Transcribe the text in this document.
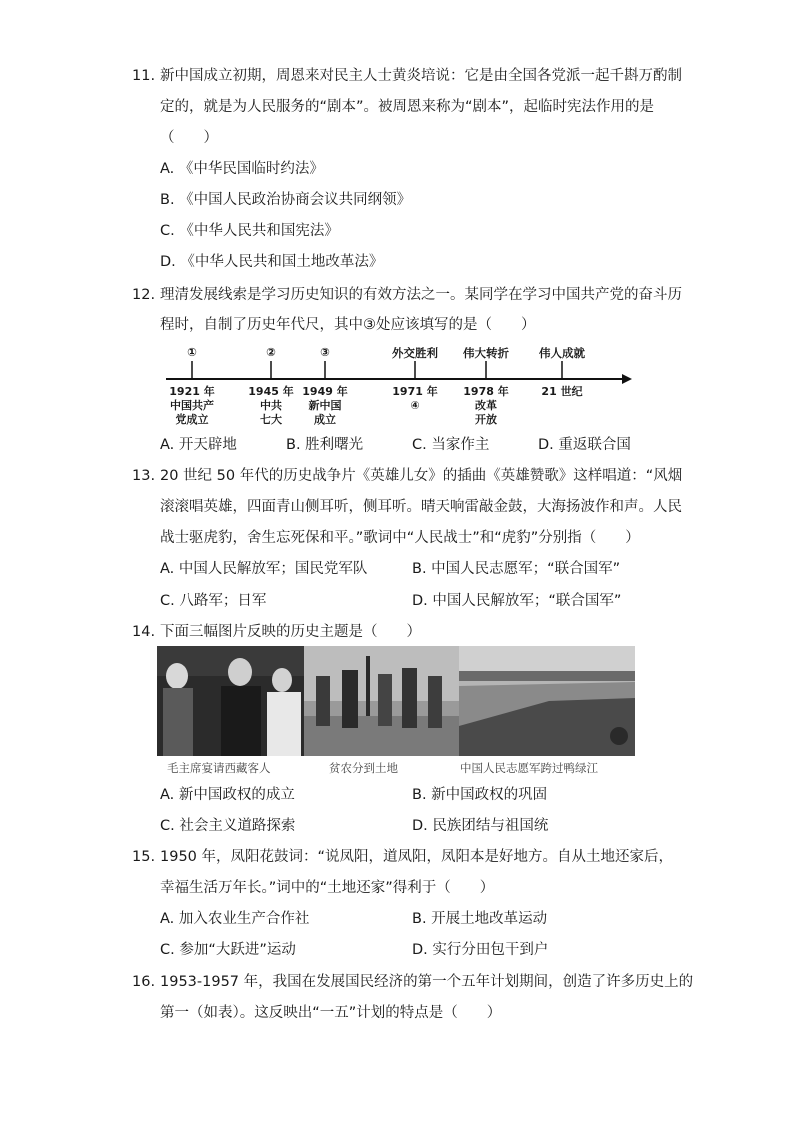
11. 新中国成立初期，周恩来对民主人士黄炎培说：它是由全国各党派一起千斟万酌制
定的，就是为人民服务的“剧本”。被周恩来称为“剧本”，起临时宪法作用的是
（　　）
A. 《中华民国临时约法》
B. 《中国人民政治协商会议共同纲领》
C. 《中华人民共和国宪法》
D. 《中华人民共和国土地改革法》
12. 理清发展线索是学习历史知识的有效方法之一。某同学在学习中国共产党的奋斗历
程时，自制了历史年代尺，其中③处应该填写的是（　　）
①	②	③	外交胜利 伟大转折	伟人成就
1921 年
中国共产
党成立
1945 年
中共
七大
1949 年
新中国
成立
1971 年
④
1978 年
改革
开放
21 世纪
A. 开天辟地	B. 胜利曙光	C. 当家作主	D. 重返联合国
13. 20 世纪 50 年代的历史战争片《英雄儿女》的插曲《英雄赞歌》这样唱道：“风烟
滚滚唱英雄，四面青山侧耳听，侧耳听。晴天响雷敲金鼓，大海扬波作和声。人民
战士驱虎豹，舍生忘死保和平。”歌词中“人民战士”和“虎豹”分别指（　　）
A. 中国人民解放军；国民党军队	B. 中国人民志愿军；“联合国军”
C. 八路军；日军	D. 中国人民解放军；“联合国军”
14. 下面三幅图片反映的历史主题是（　　）
毛主席宴请西藏客人	贫农分到土地	中国人民志愿军跨过鸭绿江
A. 新中国政权的成立	B. 新中国政权的巩固
C. 社会主义道路探索	D. 民族团结与祖国统
15. 1950 年，凤阳花鼓词：“说凤阳，道凤阳，凤阳本是好地方。自从土地还家后，
幸福生活万年长。”词中的“土地还家”得利于（　　）
A. 加入农业生产合作社	B. 开展土地改革运动
C. 参加“大跃进”运动	D. 实行分田包干到户
16. 1953-1957 年，我国在发展国民经济的第一个五年计划期间，创造了许多历史上的
第一（如表）。这反映出“一五”计划的特点是（　　）
